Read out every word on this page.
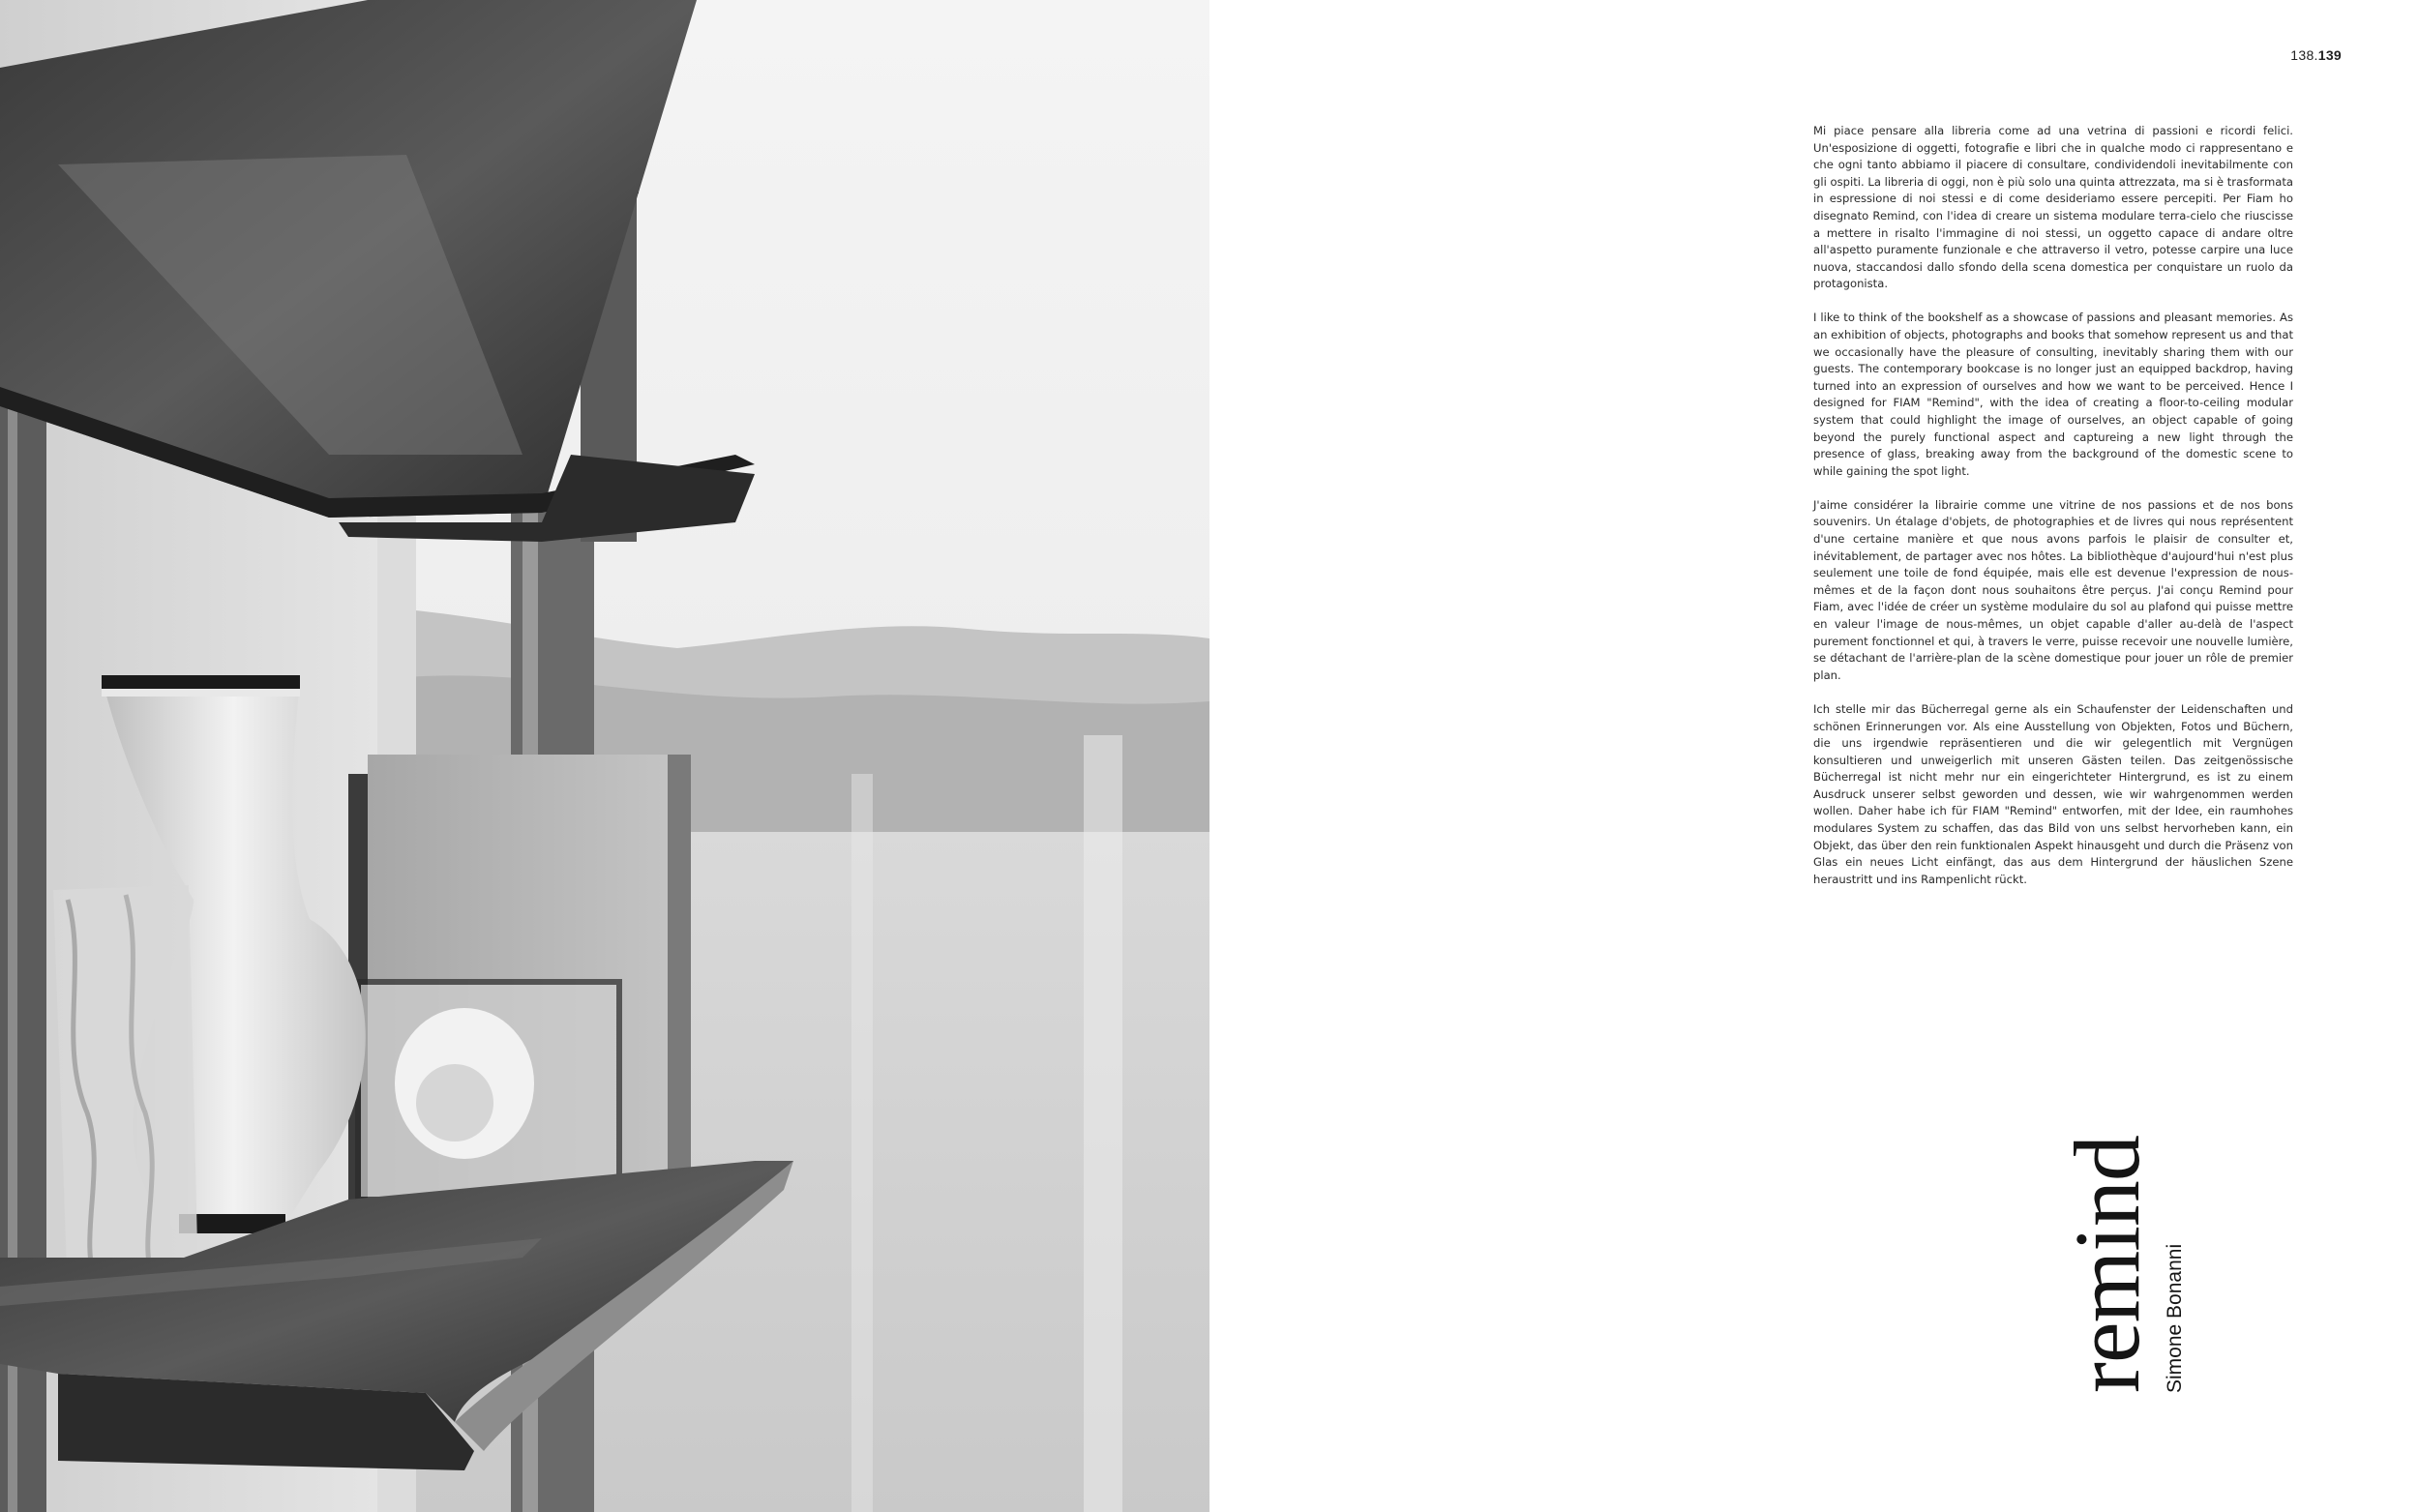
138.139

Mi piace pensare alla libreria come ad una vetrina di passioni e ricordi felici. Un'esposizione di oggetti, fotografie e libri che in qualche modo ci rappresentano e che ogni tanto abbiamo il piacere di consultare, condividendoli inevitabilmente con gli ospiti. La libreria di oggi, non è più solo una quinta attrezzata, ma si è trasformata in espressione di noi stessi e di come desideriamo essere percepiti. Per Fiam ho disegnato Remind, con l'idea di creare un sistema modulare terra-cielo che riuscisse a mettere in risalto l'immagine di noi stessi, un oggetto capace di andare oltre all'aspetto puramente funzionale e che attraverso il vetro, potesse carpire una luce nuova, staccandosi dallo sfondo della scena domestica per conquistare un ruolo da protagonista.

I like to think of the bookshelf as a showcase of passions and pleasant memories. As an exhibition of objects, photographs and books that somehow represent us and that we occasionally have the pleasure of consulting, inevitably sharing them with our guests. The contemporary bookcase is no longer just an equipped backdrop, having turned into an expression of ourselves and how we want to be perceived. Hence I designed for FIAM "Remind", with the idea of creating a floor-to-ceiling modular system that could highlight the image of ourselves, an object capable of going beyond the purely functional aspect and captureing a new light through the presence of glass, breaking away from the background of the domestic scene to while gaining the spot light.

J'aime considérer la librairie comme une vitrine de nos passions et de nos bons souvenirs. Un étalage d'objets, de photographies et de livres qui nous représentent d'une certaine manière et que nous avons parfois le plaisir de consulter et, inévitablement, de partager avec nos hôtes. La bibliothèque d'aujourd'hui n'est plus seulement une toile de fond équipée, mais elle est devenue l'expression de nous-mêmes et de la façon dont nous souhaitons être perçus. J'ai conçu Remind pour Fiam, avec l'idée de créer un système modulaire du sol au plafond qui puisse mettre en valeur l'image de nous-mêmes, un objet capable d'aller au-delà de l'aspect purement fonctionnel et qui, à travers le verre, puisse recevoir une nouvelle lumière, se détachant de l'arrière-plan de la scène domestique pour jouer un rôle de premier plan.

Ich stelle mir das Bücherregal gerne als ein Schaufenster der Leidenschaften und schönen Erinnerungen vor. Als eine Ausstellung von Objekten, Fotos und Büchern, die uns irgendwie repräsentieren und die wir gelegentlich mit Vergnügen konsultieren und unweigerlich mit unseren Gästen teilen. Das zeitgenössische Bücherregal ist nicht mehr nur ein eingerichteter Hintergrund, es ist zu einem Ausdruck unserer selbst geworden und dessen, wie wir wahrgenommen werden wollen. Daher habe ich für FIAM "Remind" entworfen, mit der Idee, ein raumhohes modulares System zu schaffen, das das Bild von uns selbst hervorheben kann, ein Objekt, das über den rein funktionalen Aspekt hinausgeht und durch die Präsenz von Glas ein neues Licht einfängt, das aus dem Hintergrund der häuslichen Szene heraustritt und ins Rampenlicht rückt.

remind Simone Bonanni
